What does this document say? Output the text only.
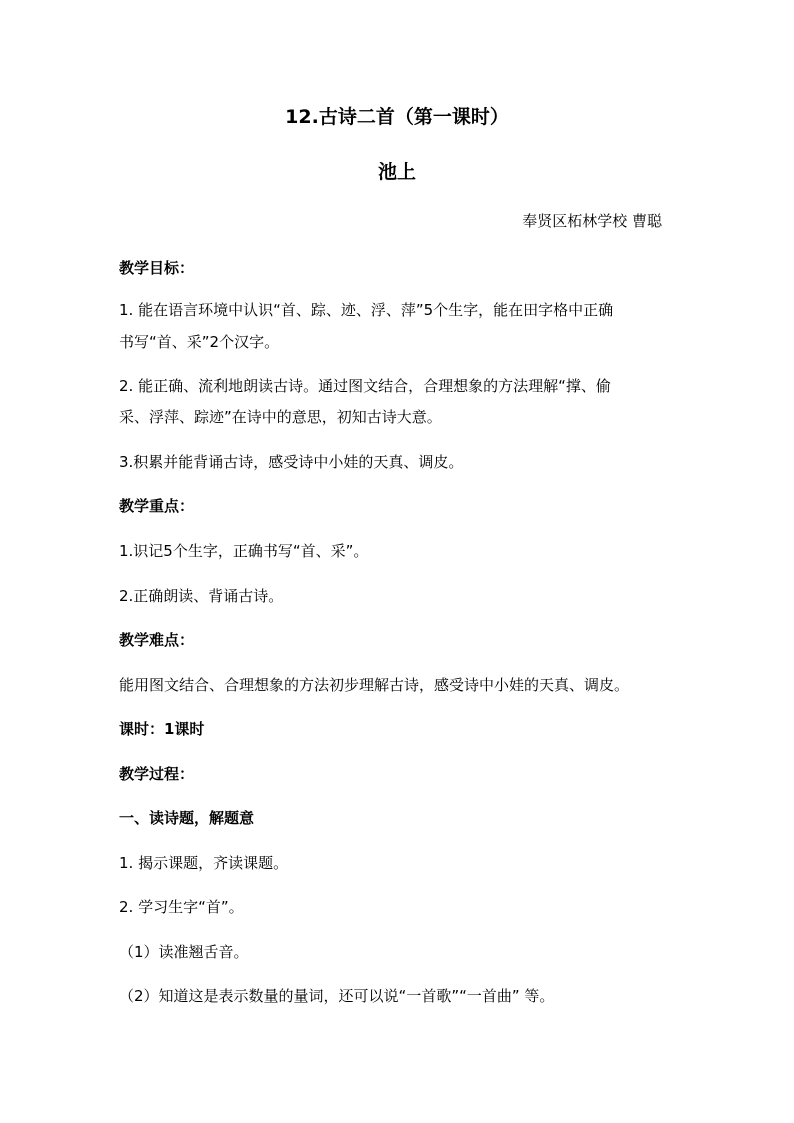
12.古诗二首（第一课时）
池上
奉贤区柘林学校 曹聪
教学目标：
1. 能在语言环境中认识“首、踪、迹、浮、萍”5个生字，能在田字格中正确
书写“首、采”2个汉字。
2. 能正确、流利地朗读古诗。通过图文结合，合理想象的方法理解“撑、偷
采、浮萍、踪迹”在诗中的意思，初知古诗大意。
3.积累并能背诵古诗，感受诗中小娃的天真、调皮。
教学重点：
1.识记5个生字，正确书写“首、采”。
2.正确朗读、背诵古诗。
教学难点：
能用图文结合、合理想象的方法初步理解古诗，感受诗中小娃的天真、调皮。
课时：1课时
教学过程：
一、读诗题，解题意
1. 揭示课题，齐读课题。
2. 学习生字“首”。
（1）读准翘舌音。
（2）知道这是表示数量的量词，还可以说“一首歌”“一首曲” 等。
